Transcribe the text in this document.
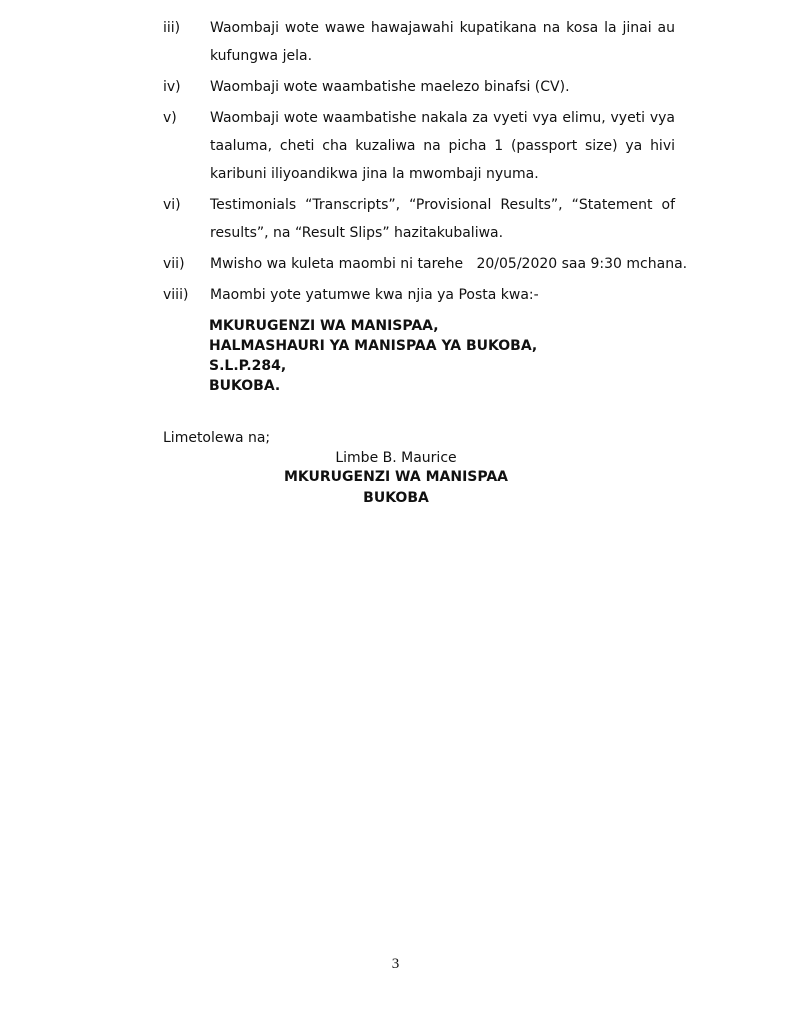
iii)	Waombaji wote wawe hawajawahi kupatikana na kosa la jinai au kufungwa jela.
iv)	Waombaji wote waambatishe maelezo binafsi (CV).
v)	Waombaji wote waambatishe nakala za vyeti vya elimu, vyeti vya taaluma, cheti cha kuzaliwa na picha 1 (passport size) ya hivi karibuni iliyoandikwa jina la mwombaji nyuma.
vi)	Testimonials “Transcripts”, “Provisional Results”, “Statement of results”, na “Result Slips” hazitakubaliwa.
vii)	Mwisho wa kuleta maombi ni tarehe   20/05/2020 saa 9:30 mchana.
viii)	Maombi yote yatumwe kwa njia ya Posta kwa:-
MKURUGENZI WA MANISPAA,
HALMASHAURI YA MANISPAA YA BUKOBA,
S.L.P.284,
BUKOBA.
Limetolewa na;
Limbe B. Maurice
MKURUGENZI WA MANISPAA
BUKOBA
3
